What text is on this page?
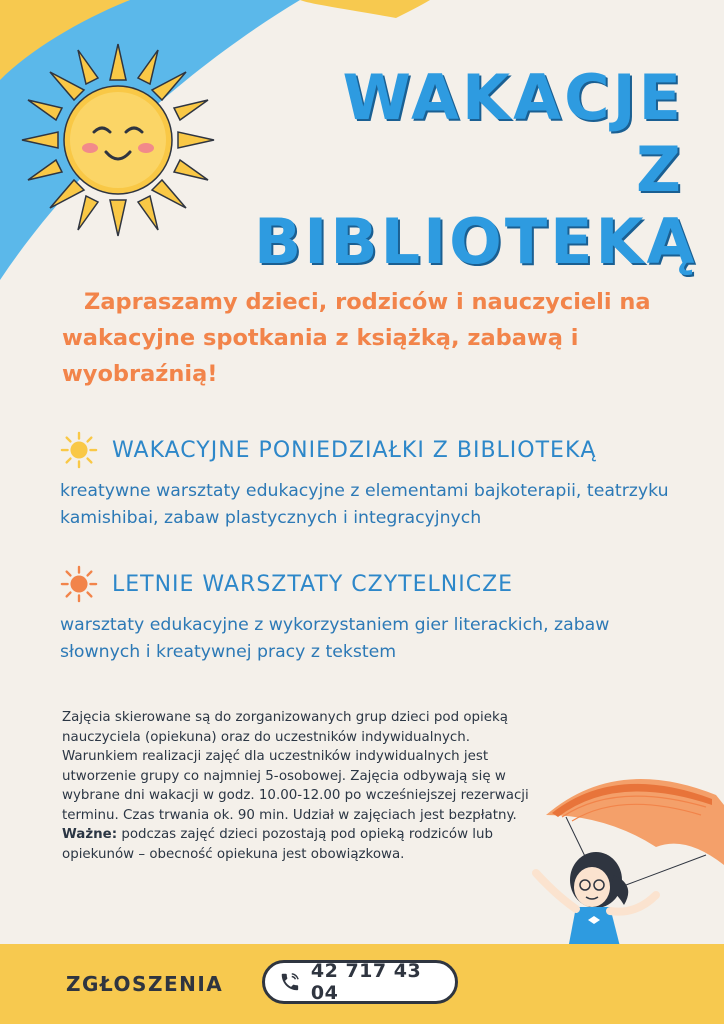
WAKACJE
Z BIBLIOTEKĄ
Zapraszamy dzieci, rodziców i nauczycieli na wakacyjne spotkania z książką, zabawą i wyobraźnią!
WAKACYJNE PONIEDZIAŁKI Z BIBLIOTEKĄ
kreatywne warsztaty edukacyjne z elementami bajkoterapii, teatrzyku kamishibai, zabaw plastycznych i integracyjnych
LETNIE WARSZTATY CZYTELNICZE
warsztaty edukacyjne z wykorzystaniem gier literackich, zabaw słownych i kreatywnej pracy z tekstem
Zajęcia skierowane są do zorganizowanych grup dzieci pod opieką nauczyciela (opiekuna) oraz do uczestników indywidualnych. Warunkiem realizacji zajęć dla uczestników indywidualnych jest utworzenie grupy co najmniej 5-osobowej. Zajęcia odbywają się w wybrane dni wakacji w godz. 10.00-12.00 po wcześniejszej rezerwacji terminu. Czas trwania ok. 90 min. Udział w zajęciach jest bezpłatny. Ważne: podczas zajęć dzieci pozostają pod opieką rodziców lub opiekunów – obecność opiekuna jest obowiązkowa.
ZGŁOSZENIA
42 717 43 04
